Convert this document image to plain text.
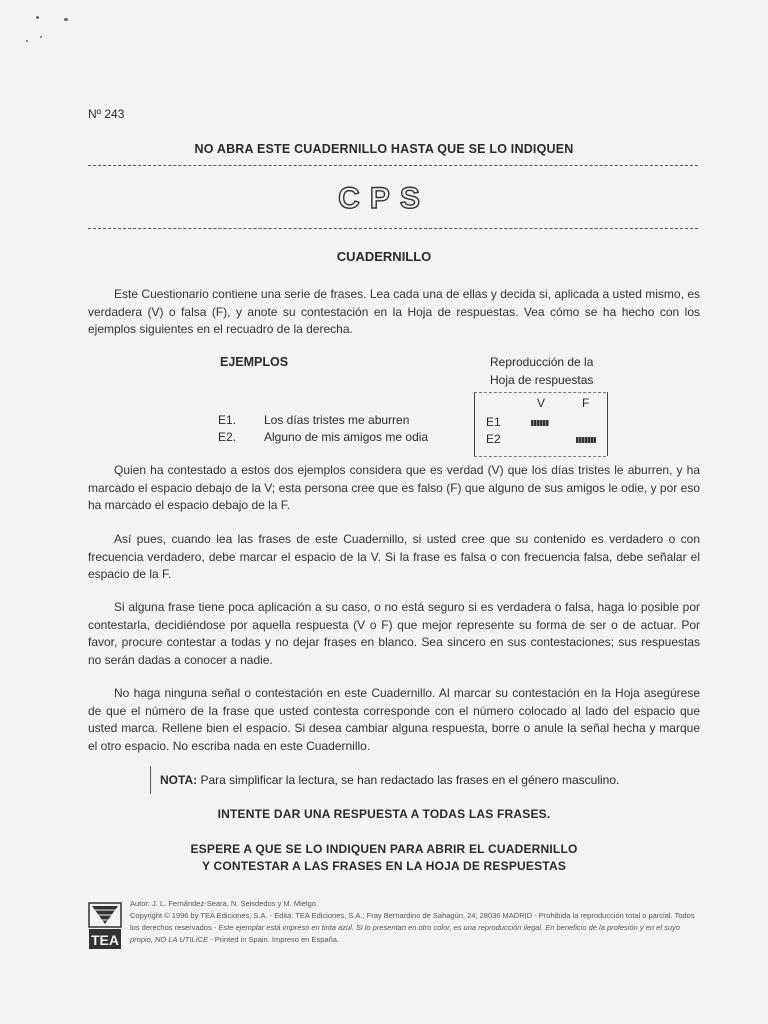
Nº 243
NO ABRA ESTE CUADERNILLO HASTA QUE SE LO INDIQUEN
CPS
CUADERNILLO
Este Cuestionario contiene una serie de frases. Lea cada una de ellas y decida si, aplicada a usted mismo, es verdadera (V) o falsa (F), y anote su contestación en la Hoja de respuestas. Vea cómo se ha hecho con los ejemplos siguientes en el recuadro de la derecha.
EJEMPLOS	Reproducción de la Hoja de respuestas
E1. Los días tristes me aburren
E2. Alguno de mis amigos me odia
V	F
E1
E2
Quien ha contestado a estos dos ejemplos considera que es verdad (V) que los días tristes le aburren, y ha marcado el espacio debajo de la V; esta persona cree que es falso (F) que alguno de sus amigos le odie, y por eso ha marcado el espacio debajo de la F.
Así pues, cuando lea las frases de este Cuadernillo, si usted cree que su contenido es verdadero o con frecuencia verdadero, debe marcar el espacio de la V. Si la frase es falsa o con frecuencia falsa, debe señalar el espacio de la F.
Si alguna frase tiene poca aplicación a su caso, o no está seguro si es verdadera o falsa, haga lo posible por contestarla, decidiéndose por aquella respuesta (V o F) que mejor represente su forma de ser o de actuar. Por favor, procure contestar a todas y no dejar frases en blanco. Sea sincero en sus contestaciones; sus respuestas no serán dadas a conocer a nadie.
No haga ninguna señal o contestación en este Cuadernillo. Al marcar su contestación en la Hoja asegúrese de que el número de la frase que usted contesta corresponde con el número colocado al lado del espacio que usted marca. Rellene bien el espacio. Si desea cambiar alguna respuesta, borre o anule la señal hecha y marque el otro espacio. No escriba nada en este Cuadernillo.
NOTA: Para simplificar la lectura, se han redactado las frases en el género masculino.
INTENTE DAR UNA RESPUESTA A TODAS LAS FRASES.
ESPERE A QUE SE LO INDIQUEN PARA ABRIR EL CUADERNILLO
Y CONTESTAR A LAS FRASES EN LA HOJA DE RESPUESTAS
TEA
Autor: J. L. Fernández-Seara, N. Seisdedos y M. Mielgo.
Copyright © 1996 by TEA Ediciones, S.A. - Edita: TEA Ediciones, S.A.; Fray Bernardino de Sahagún, 24; 28036 MADRID - Prohibida la reproducción total o parcial. Todos los derechos reservados - Este ejemplar está impreso en tinta azul. Si lo presentan en otro color, es una reproducción ilegal. En beneficio de la profesión y en el suyo propio, NO LA UTILICE - Printed in Spain. Impreso en España.
